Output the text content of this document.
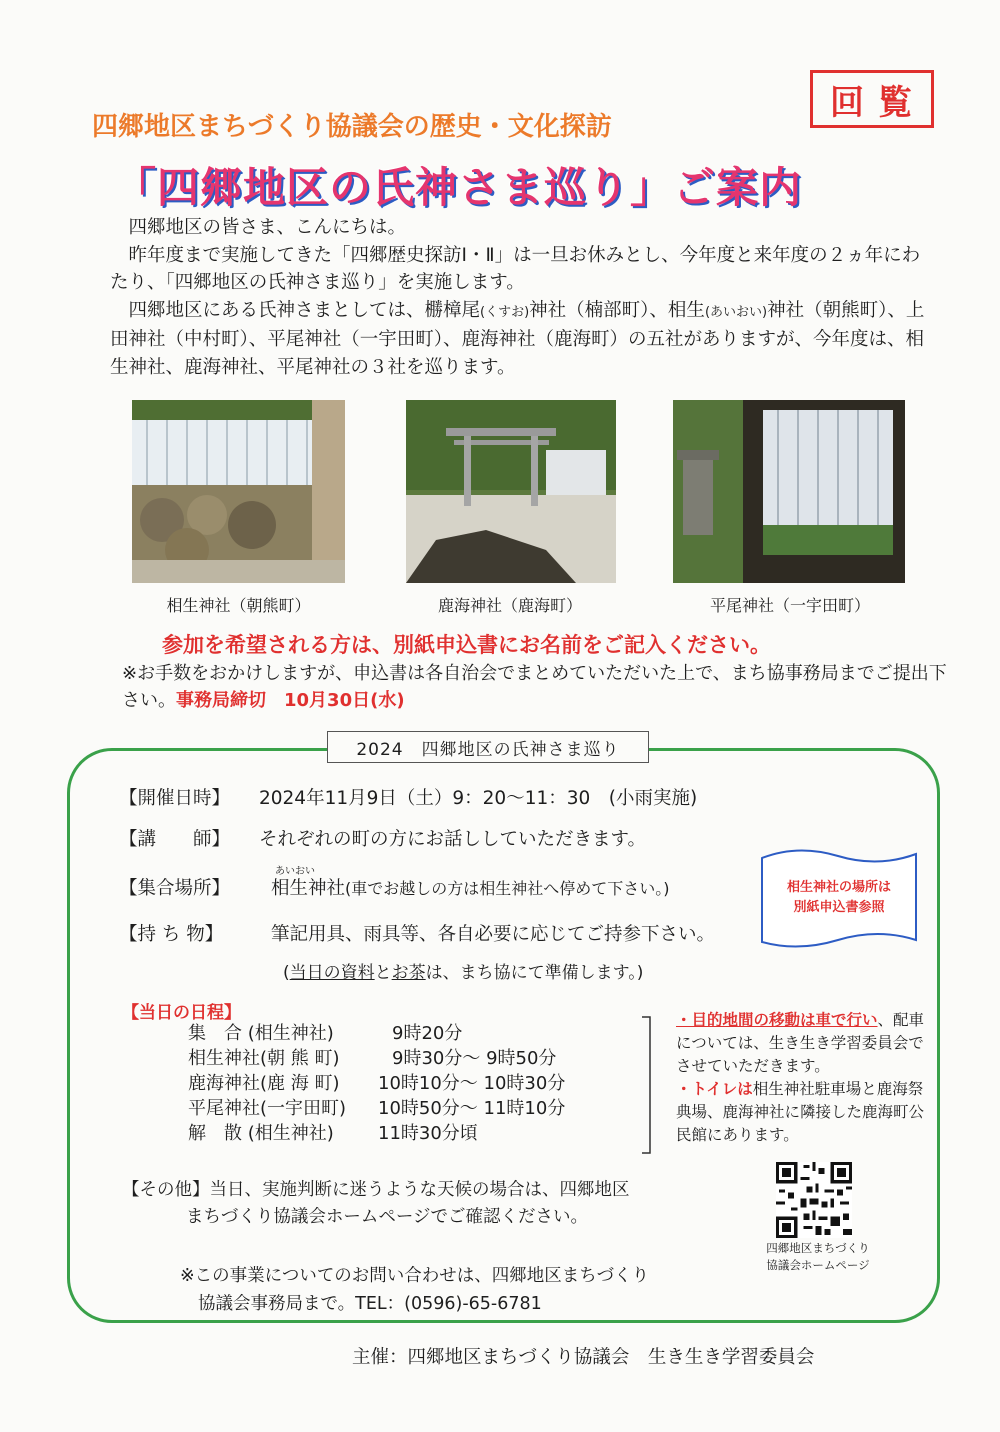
回覧
四郷地区まちづくり協議会の歴史・文化探訪
「四郷地区の氏神さま巡り」ご案内

四郷地区の皆さま、こんにちは。

昨年度まで実施してきた「四郷歴史探訪Ⅰ・Ⅱ」は一旦お休みとし、今年度と来年度の２ヵ年にわたり、「四郷地区の氏神さま巡り」を実施します。

四郷地区にある氏神さまとしては、橳樟尾(くすお)神社（楠部町）、相生(あいおい)神社（朝熊町）、上田神社（中村町）、平尾神社（一宇田町）、鹿海神社（鹿海町）の五社がありますが、今年度は、相生神社、鹿海神社、平尾神社の３社を巡ります。

相生神社（朝熊町）	鹿海神社（鹿海町）	平尾神社（一宇田町）
参加を希望される方は、別紙申込書にお名前をご記入ください。
※お手数をおかけしますが、申込書は各自治会でまとめていただいた上で、まち協事務局までご提出下さい。事務局締切　10月30日(水)
2024　四郷地区の氏神さま巡り
【開催日時】 2024年11月9日（土）9：20～11：30　(小雨実施)
【講　　師】 それぞれの町の方にお話ししていただきます。
あいおい
【集合場所】 相生神社(車でお越しの方は相生神社へ停めて下さい。)
【持 ち 物】	筆記用具、雨具等、各自必要に応じてご持参下さい。
(当日の資料とお茶は、まち協にて準備します。)
相生神社の場所は
別紙申込書参照
【当日の日程】
集　合 (相生神社)	9時20分
相生神社(朝 熊 町)	9時30分～ 9時50分
鹿海神社(鹿 海 町) 10時10分～ 10時30分
平尾神社(一宇田町) 10時50分～ 11時10分
解　散 (相生神社) 11時30分頃
・目的地間の移動は車で行い、配車については、生き生き学習委員会でさせていただきます。
・トイレは相生神社駐車場と鹿海祭典場、鹿海神社に隣接した鹿海町公民館にあります。
【その他】当日、実施判断に迷うような天候の場合は、四郷地区
まちづくり協議会ホームページでご確認ください。
四郷地区まちづくり
協議会ホームページ
※この事業についてのお問い合わせは、四郷地区まちづくり
協議会事務局まで。TEL：(0596)-65-6781
主催：四郷地区まちづくり協議会　生き生き学習委員会
